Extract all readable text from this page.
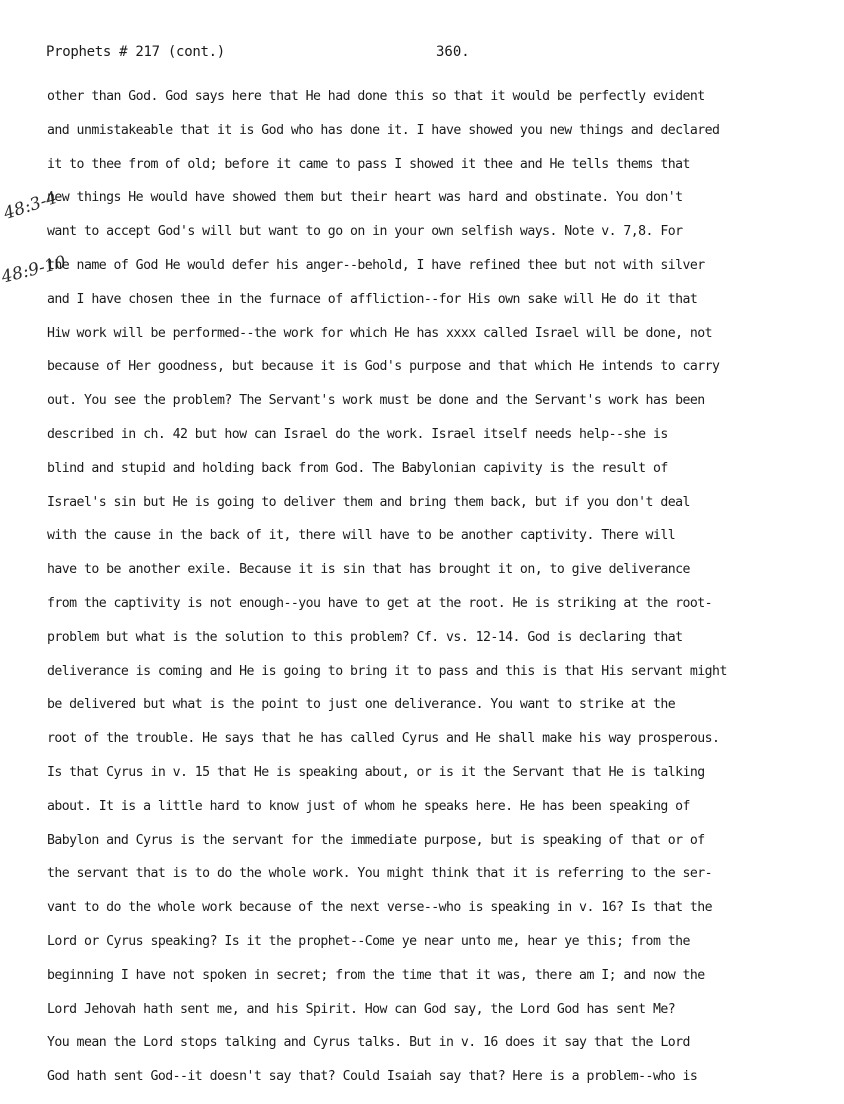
Prophets # 217 (cont.)	360.
48:3-4
48:9-10
other than God. God says here that He had done this so that it would be perfectly evident
and unmistakeable that it is God who has done it. I have showed you new things and declared
it to thee from of old; before it came to pass I showed it thee and He tells thems that
new things He would have showed them but their heart was hard and obstinate. You don't
want to accept God's will but want to go on in your own selfish ways. Note v. 7,8. For
the name of God He would defer his anger--behold, I have refined thee but not with silver
and I have chosen thee in the furnace of affliction--for His own sake will He do it that
Hiw work will be performed--the work for which He has xxxx called Israel will be done, not
because of Her goodness, but because it is God's purpose and that which He intends to carry
out. You see the problem? The Servant's work must be done and the Servant's work has been
described in ch. 42 but how can Israel do the work. Israel itself needs help--she is
blind and stupid and holding back from God. The Babylonian capivity is the result of
Israel's sin but He is going to deliver them and bring them back, but if you don't deal
with the cause in the back of it, there will have to be another captivity. There will
have to be another exile. Because it is sin that has brought it on, to give deliverance
from the captivity is not enough--you have to get at the root. He is striking at the root-
problem but what is the solution to this problem? Cf. vs. 12-14. God is declaring that
deliverance is coming and He is going to bring it to pass and this is that His servant might
be delivered but what is the point to just one deliverance. You want to strike at the
root of the trouble. He says that he has called Cyrus and He shall make his way prosperous.
Is that Cyrus in v. 15 that He is speaking about, or is it the Servant that He is talking
about. It is a little hard to know just of whom he speaks here. He has been speaking of
Babylon and Cyrus is the servant for the immediate purpose, but is speaking of that or of
the servant that is to do the whole work. You might think that it is referring to the ser-
vant to do the whole work because of the next verse--who is speaking in v. 16? Is that the
Lord or Cyrus speaking? Is it the prophet--Come ye near unto me, hear ye this; from the
beginning I have not spoken in secret; from the time that it was, there am I; and now the
Lord Jehovah hath sent me, and his Spirit. How can God say, the Lord God has sent Me?
You mean the Lord stops talking and Cyrus talks. But in v. 16 does it say that the Lord
God hath sent God--it doesn't say that? Could Isaiah say that? Here is a problem--who is
